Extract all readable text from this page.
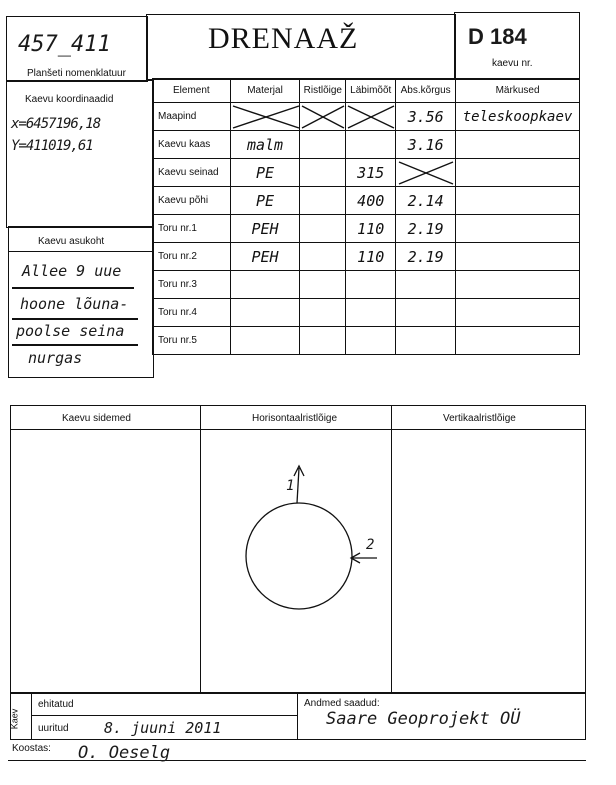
457_411
Planšeti nomenklatuur
DRENAAŽ	D 184
kaevu nr.
Kaevu koordinaadid
x=6457196,18
Y=411019,61
Kaevu asukoht
Allee 9 uue
hoone lõuna-
poolse seina
nurgas
Element	Materjal	Ristlõige	Läbimõõt	Abs.kõrgus	Märkused
Maapind				3.56	teleskoopkaev
Kaevu kaas	malm			3.16	
Kaevu seinad	PE		315	

Kaevu põhi	PE		400	2.14	
Toru nr.1	PEH		110	2.19	
Toru nr.2	PEH		110	2.19	
Toru nr.3					
Toru nr.4					
Toru nr.5					
Kaevu sidemed	Horisontaalristlõige	Vertikaalristlõige
1
2
Kaev
ehitatud
uuritud 8. juuni 2011
Andmed saadud:
Saare Geoprojekt OÜ
Koostas: O. Oeselg
